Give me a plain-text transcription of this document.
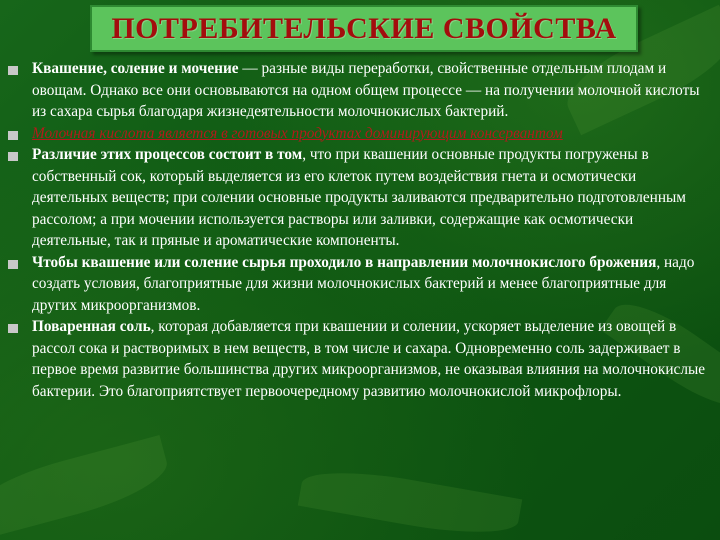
ПОТРЕБИТЕЛЬСКИЕ СВОЙСТВА
Квашение, соление и мочение — разные виды переработки, свойственные отдельным плодам и овощам. Однако все они основываются на одном общем процессе — на получении молочной кислоты из сахара сырья благодаря жизнедеятельности молочнокислых бактерий.
Молочная кислота является в готовых продуктах доминирующим консервантом
Различие этих процессов состоит в том, что при квашении основные продукты погружены в собственный сок, который выделяется из его клеток путем воздействия гнета и осмотически деятельных веществ; при солении основные продукты заливаются предварительно подготовленным рассолом; а при мочении используется растворы или заливки, содержащие как осмотически деятельные, так и пряные и ароматические компоненты.
Чтобы квашение или соление сырья проходило в направлении молочнокислого брожения, надо создать условия, благоприятные для жизни молочнокислых бактерий и менее благоприятные для других микроорганизмов.
Поваренная соль, которая добавляется при квашении и солении, ускоряет выделение из овощей в рассол сока и растворимых в нем веществ, в том числе и сахара. Одновременно соль задерживает в первое время развитие большинства других микроорганизмов, не оказывая влияния на молочнокислые бактерии. Это благоприятствует первоочередному развитию молочнокислой микрофлоры.
